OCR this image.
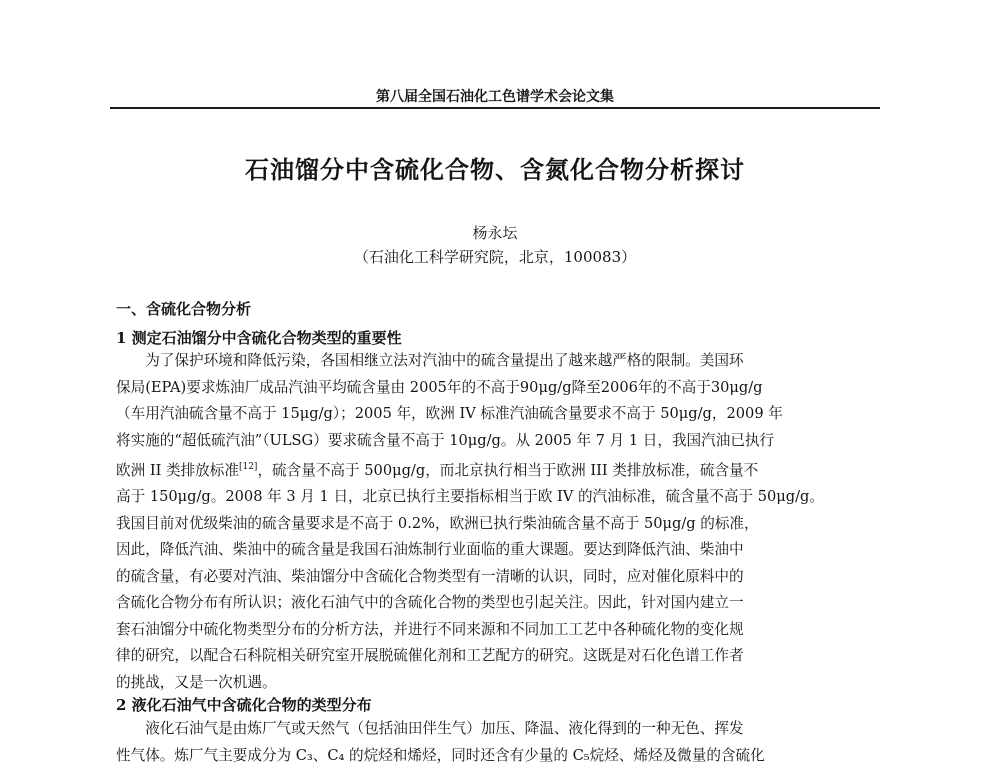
第八届全国石油化工色谱学术会论文集
石油馏分中含硫化合物、含氮化合物分析探讨
杨永坛
（石油化工科学研究院，北京，100083）
一、含硫化合物分析
1 测定石油馏分中含硫化合物类型的重要性
为了保护环境和降低污染，各国相继立法对汽油中的硫含量提出了越来越严格的限制。美国环
保局(EPA)要求炼油厂成品汽油平均硫含量由 2005年的不高于90μg/g降至2006年的不高于30μg/g
（车用汽油硫含量不高于 15μg/g）；2005 年，欧洲 IV 标准汽油硫含量要求不高于 50μg/g，2009 年
将实施的“超低硫汽油”（ULSG）要求硫含量不高于 10μg/g。从 2005 年 7 月 1 日，我国汽油已执行
欧洲 II 类排放标准[12]，硫含量不高于 500μg/g，而北京执行相当于欧洲 III 类排放标准，硫含量不
高于 150μg/g。2008 年 3 月 1 日，北京已执行主要指标相当于欧 IV 的汽油标准，硫含量不高于 50μg/g。
我国目前对优级柴油的硫含量要求是不高于 0.2%，欧洲已执行柴油硫含量不高于 50μg/g 的标准，
因此，降低汽油、柴油中的硫含量是我国石油炼制行业面临的重大课题。要达到降低汽油、柴油中
的硫含量，有必要对汽油、柴油馏分中含硫化合物类型有一清晰的认识，同时，应对催化原料中的
含硫化合物分布有所认识；液化石油气中的含硫化合物的类型也引起关注。因此，针对国内建立一
套石油馏分中硫化物类型分布的分析方法，并进行不同来源和不同加工工艺中各种硫化物的变化规
律的研究，以配合石科院相关研究室开展脱硫催化剂和工艺配方的研究。这既是对石化色谱工作者
的挑战，又是一次机遇。
2 液化石油气中含硫化合物的类型分布
液化石油气是由炼厂气或天然气（包括油田伴生气）加压、降温、液化得到的一种无色、挥发
性气体。炼厂气主要成分为 C₃、C₄ 的烷烃和烯烃，同时还含有少量的 C₅烷烃、烯烃及微量的含硫化
